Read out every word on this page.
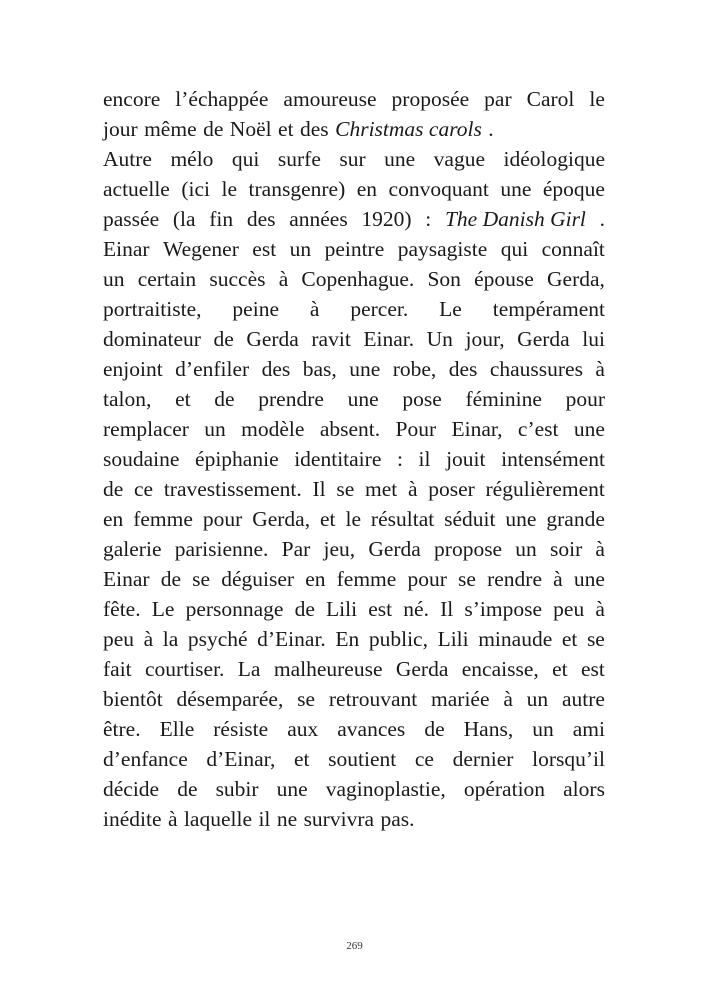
encore l’échappée amoureuse proposée par Carol le
jour même de Noël et des Christmas carols .
Autre mélo qui surfe sur une vague idéologique
actuelle (ici le transgenre) en convoquant une époque
passée (la fin des années 1920) : The Danish Girl .
Einar Wegener est un peintre paysagiste qui connaît
un certain succès à Copenhague. Son épouse Gerda,
portraitiste, peine à percer. Le tempérament
dominateur de Gerda ravit Einar. Un jour, Gerda lui
enjoint d’enfiler des bas, une robe, des chaussures à
talon, et de prendre une pose féminine pour
remplacer un modèle absent. Pour Einar, c’est une
soudaine épiphanie identitaire : il jouit intensément
de ce travestissement. Il se met à poser régulièrement
en femme pour Gerda, et le résultat séduit une grande
galerie parisienne. Par jeu, Gerda propose un soir à
Einar de se déguiser en femme pour se rendre à une
fête. Le personnage de Lili est né. Il s’impose peu à
peu à la psyché d’Einar. En public, Lili minaude et se
fait courtiser. La malheureuse Gerda encaisse, et est
bientôt désemparée, se retrouvant mariée à un autre
être. Elle résiste aux avances de Hans, un ami
d’enfance d’Einar, et soutient ce dernier lorsqu’il
décide de subir une vaginoplastie, opération alors
inédite à laquelle il ne survivra pas.
269
